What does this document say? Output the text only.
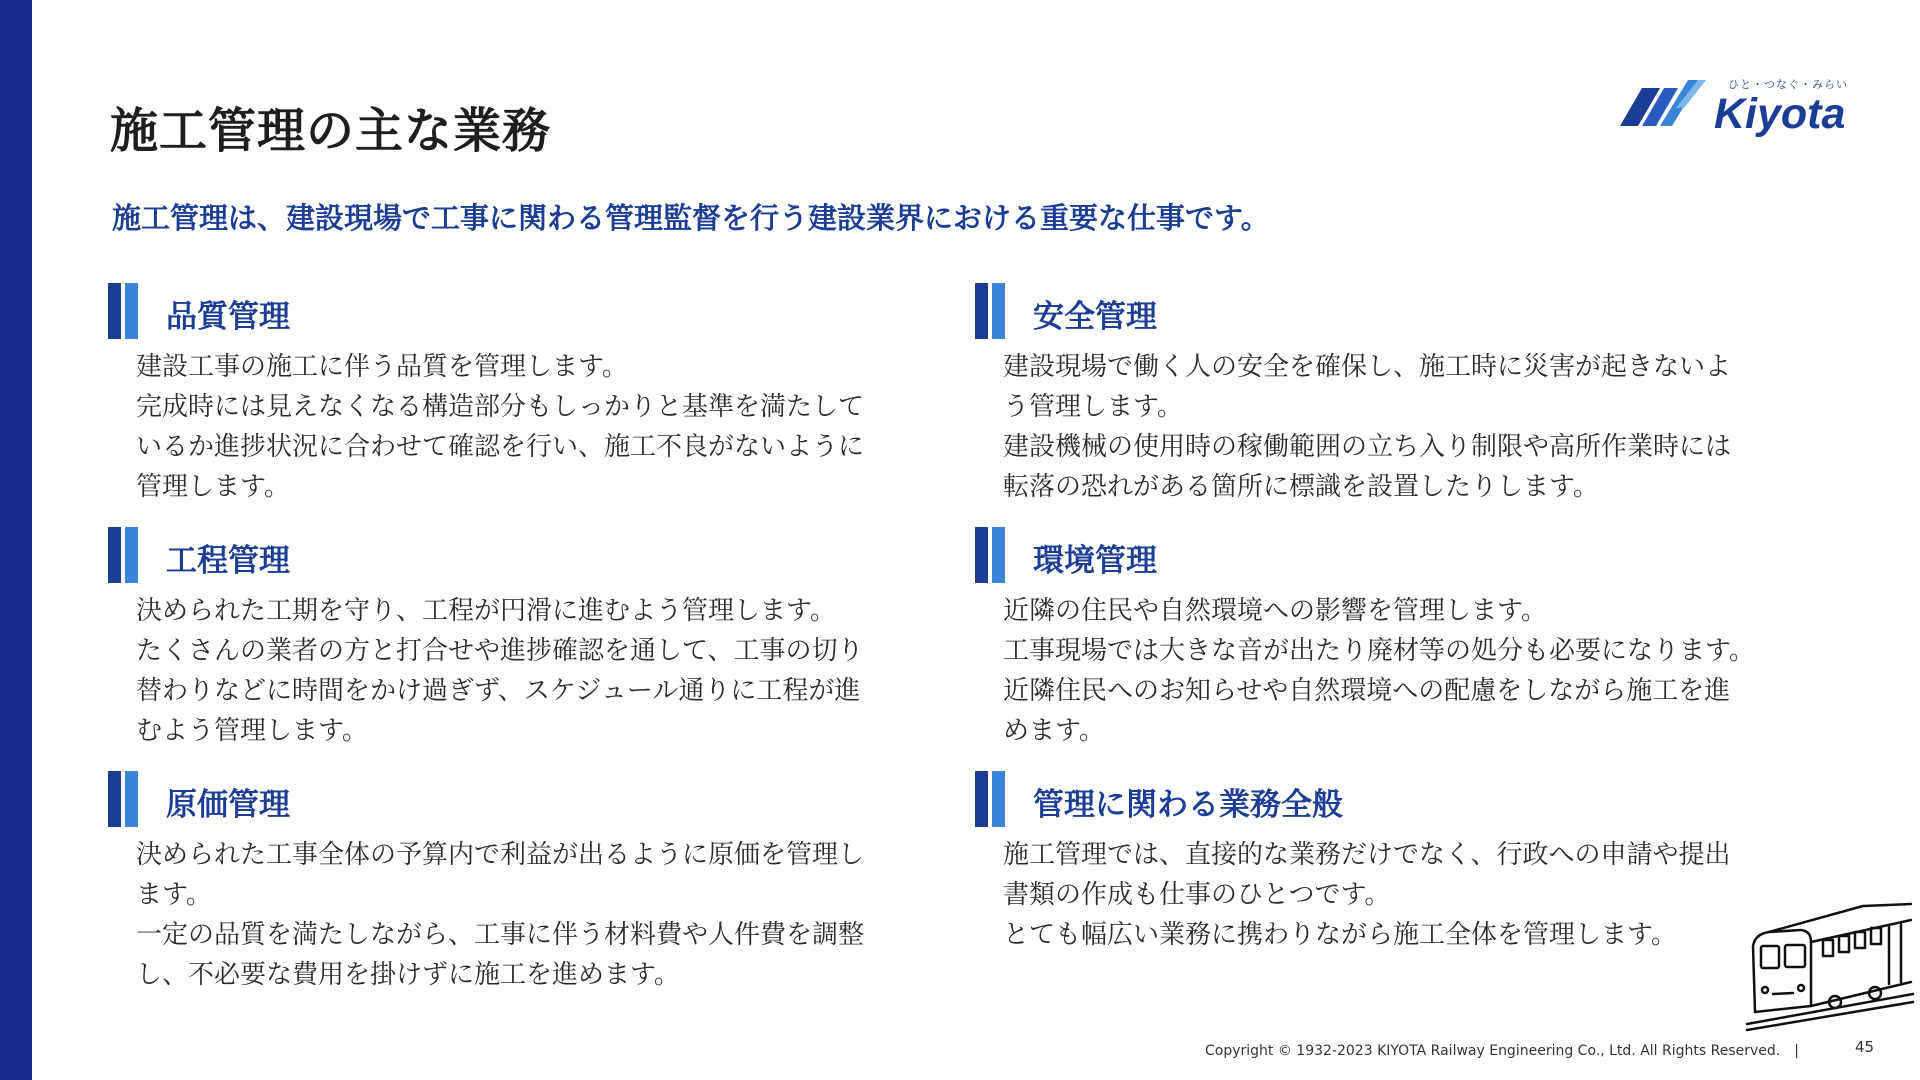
施工管理の主な業務
ひと・つなぐ・みらい
Kiyota

施工管理は、建設現場で工事に関わる管理監督を行う建設業界における重要な仕事です。

品質管理

建設工事の施工に伴う品質を管理します。

完成時には見えなくなる構造部分もしっかりと基準を満たして

いるか進捗状況に合わせて確認を行い、施工不良がないように

管理します。

工程管理

決められた工期を守り、工程が円滑に進むよう管理します。

たくさんの業者の方と打合せや進捗確認を通して、工事の切り

替わりなどに時間をかけ過ぎず、スケジュール通りに工程が進

むよう管理します。

原価管理

決められた工事全体の予算内で利益が出るように原価を管理し

ます。

一定の品質を満たしながら、工事に伴う材料費や人件費を調整

し、不必要な費用を掛けずに施工を進めます。

安全管理

建設現場で働く人の安全を確保し、施工時に災害が起きないよ

う管理します。

建設機械の使用時の稼働範囲の立ち入り制限や高所作業時には

転落の恐れがある箇所に標識を設置したりします。

環境管理

近隣の住民や自然環境への影響を管理します。

工事現場では大きな音が出たり廃材等の処分も必要になります。

近隣住民へのお知らせや自然環境への配慮をしながら施工を進

めます。

管理に関わる業務全般

施工管理では、直接的な業務だけでなく、行政への申請や提出

書類の作成も仕事のひとつです。

とても幅広い業務に携わりながら施工全体を管理します。

Copyright © 1932-2023 KIYOTA Railway Engineering Co., Ltd. All Rights Reserved.　|	45
